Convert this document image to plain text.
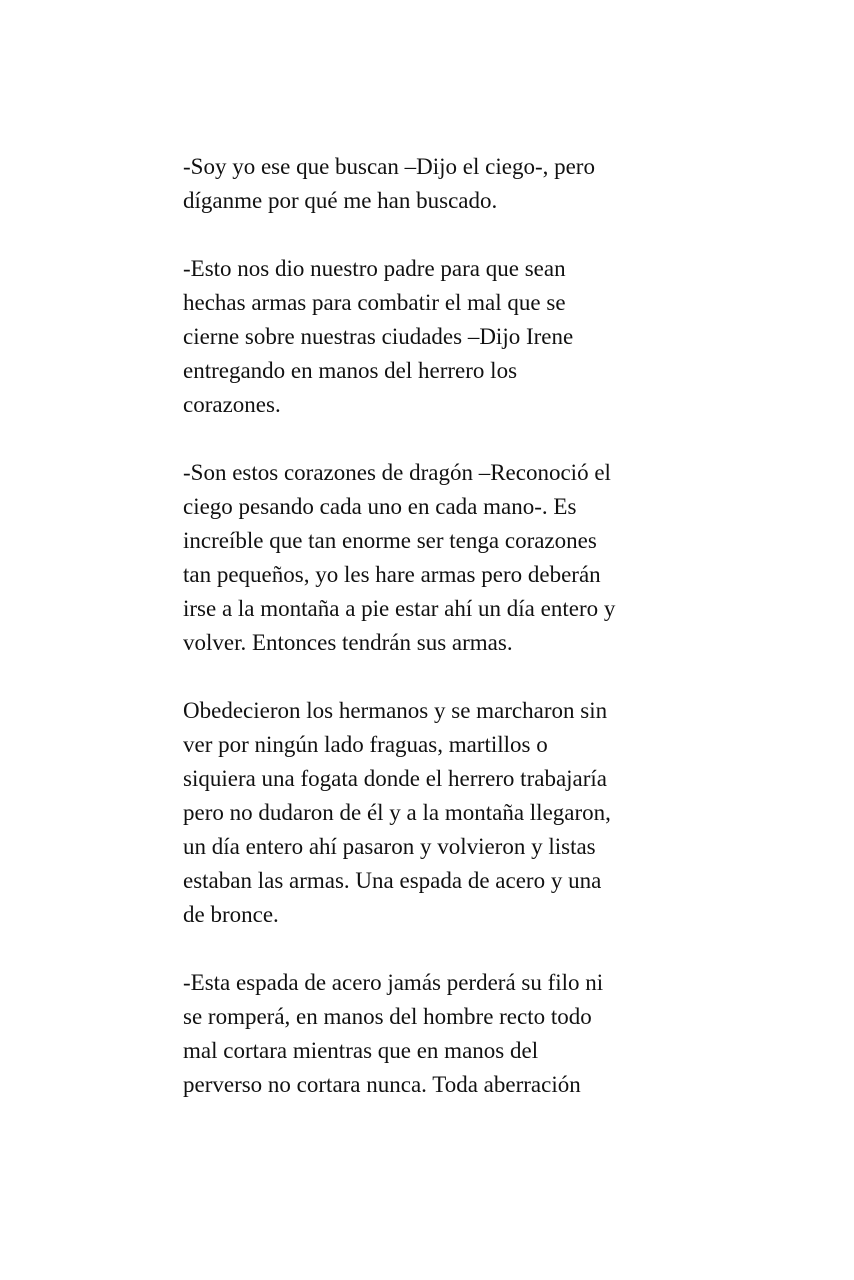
-Soy yo ese que buscan –Dijo el ciego-, pero
díganme por qué me han buscado.

-Esto nos dio nuestro padre para que sean
hechas armas para combatir el mal que se
cierne sobre nuestras ciudades –Dijo Irene
entregando en manos del herrero los
corazones.

-Son estos corazones de dragón –Reconoció el
ciego pesando cada uno en cada mano-. Es
increíble que tan enorme ser tenga corazones
tan pequeños, yo les hare armas pero deberán
irse a la montaña a pie estar ahí un día entero y
volver. Entonces tendrán sus armas.

Obedecieron los hermanos y se marcharon sin
ver por ningún lado fraguas, martillos o
siquiera una fogata donde el herrero trabajaría
pero no dudaron de él y a la montaña llegaron,
un día entero ahí pasaron y volvieron y listas
estaban las armas. Una espada de acero y una
de bronce.

-Esta espada de acero jamás perderá su filo ni
se romperá, en manos del hombre recto todo
mal cortara mientras que en manos del
perverso no cortara nunca. Toda aberración
